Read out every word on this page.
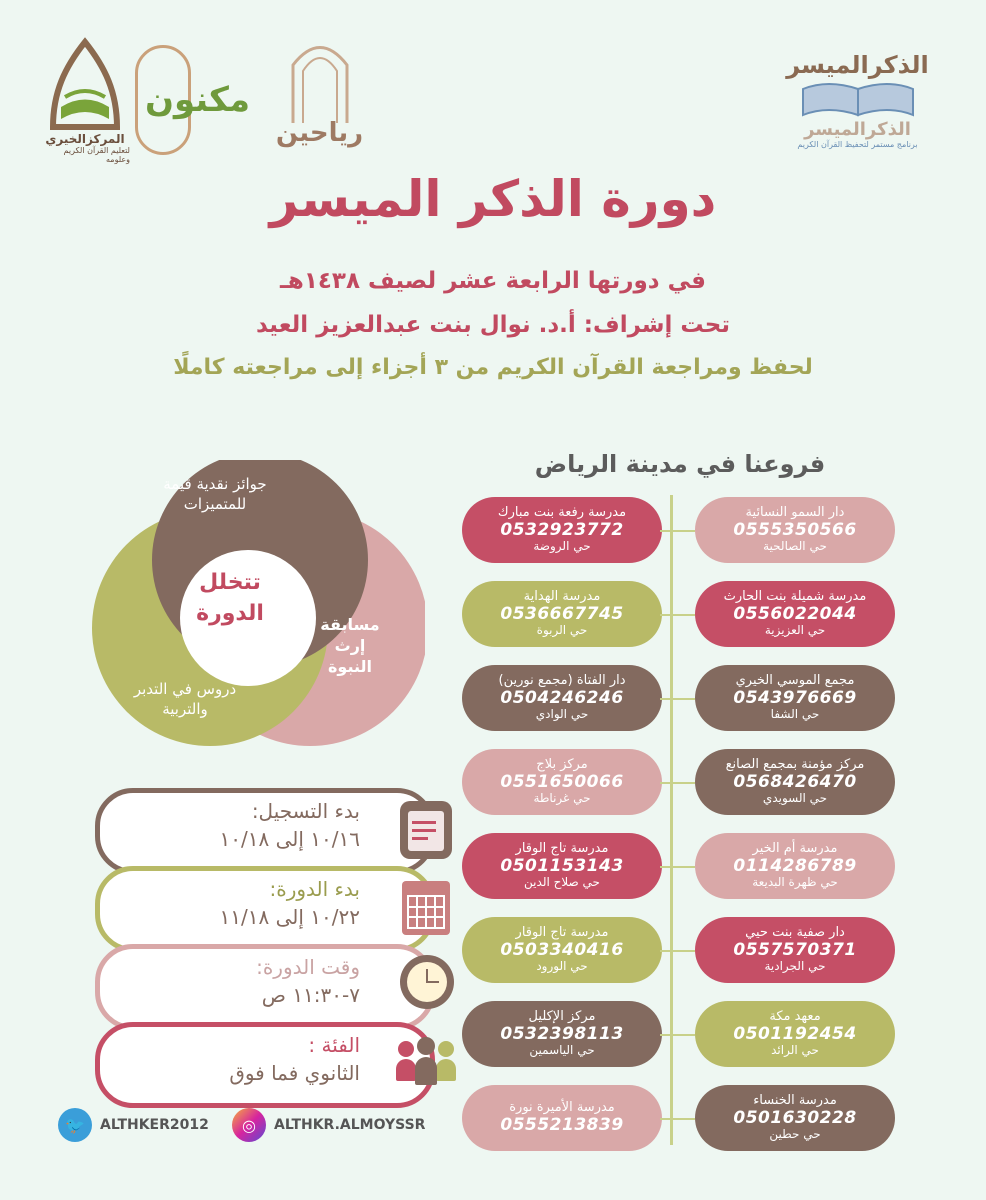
المركزالخيري
لتعليم القرآن الكريم وعلومه
مكنون
رياحين
الذكرالميسر
الذكرالميسر
برنامج مستمر لتحفيظ القرآن الكريم
دورة الذكر الميسر
في دورتها الرابعة عشر لصيف ١٤٣٨هـ
تحت إشراف: أ.د. نوال بنت عبدالعزيز العيد
لحفظ ومراجعة القرآن الكريم من ٣ أجزاء إلى مراجعته كاملًا
تتخلل الدورة
جوائز نقدية قيمة للمتميزات
مسابقة إرث النبوة
دروس في التدبر والتربية
بدء التسجيل:
١٠/١٦ إلى ١٠/١٨
بدء الدورة:
١٠/٢٢ إلى ١١/١٨
وقت الدورة:
٧-١١:٣٠ ص
الفئة :
الثانوي فما فوق
🐦	ALTHKER2012	◎	ALTHKR.ALMOYSSR
فروعنا في مدينة الرياض
دار السمو النسائية
0555350566
حي الصالحية
مدرسة رفعة بنت مبارك
0532923772
حي الروضة
مدرسة شميلة بنت الحارث
0556022044
حي العزيزية
مدرسة الهداية
0536667745
حي الربوة
مجمع الموسي الخيري
0543976669
حي الشفا
دار الفتاة (مجمع نورين)
0504246246
حي الوادي
مركز مؤمنة بمجمع الصانع
0568426470
حي السويدي
مركز بلاج
0551650066
حي غرناطة
مدرسة أم الخير
0114286789
حي ظهرة البديعة
مدرسة تاج الوقار
0501153143
حي صلاح الدين
دار صفية بنت حيي
0557570371
حي الجرادية
مدرسة تاج الوقار
0503340416
حي الورود
معهد مكة
0501192454
حي الرائد
مركز الإكليل
0532398113
حي الياسمين
مدرسة الخنساء
0501630228
حي حطين
مدرسة الأميرة نورة
0555213839
